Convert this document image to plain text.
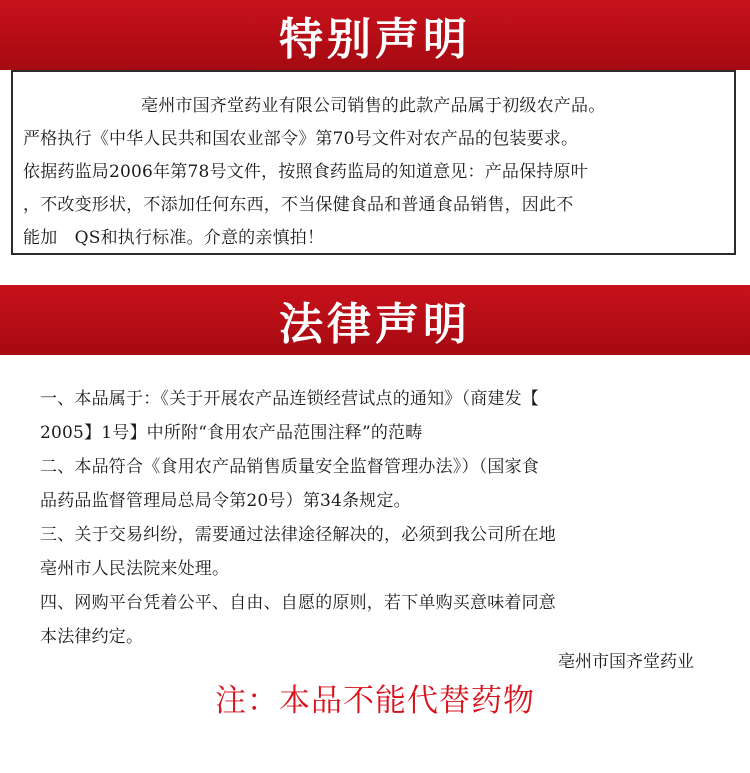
特别声明

亳州市国齐堂药业有限公司销售的此款产品属于初级农产品。

严格执行《中华人民共和国农业部令》第70号文件对农产品的包装要求。

依据药监局2006年第78号文件，按照食药监局的知道意见：产品保持原叶

，不改变形状，不添加任何东西，不当保健食品和普通食品销售，因此不

能加　QS和执行标准。介意的亲慎拍！

法律声明

一、本品属于：《关于开展农产品连锁经营试点的通知》（商建发【

2005】1号】中所附“食用农产品范围注释”的范畴

二、本品符合《食用农产品销售质量安全监督管理办法》）（国家食

品药品监督管理局总局令第20号）第34条规定。

三、关于交易纠纷，需要通过法律途径解决的，必须到我公司所在地

亳州市人民法院来处理。

四、网购平台凭着公平、自由、自愿的原则，若下单购买意味着同意

本法律约定。

亳州市国齐堂药业
注：本品不能代替药物
